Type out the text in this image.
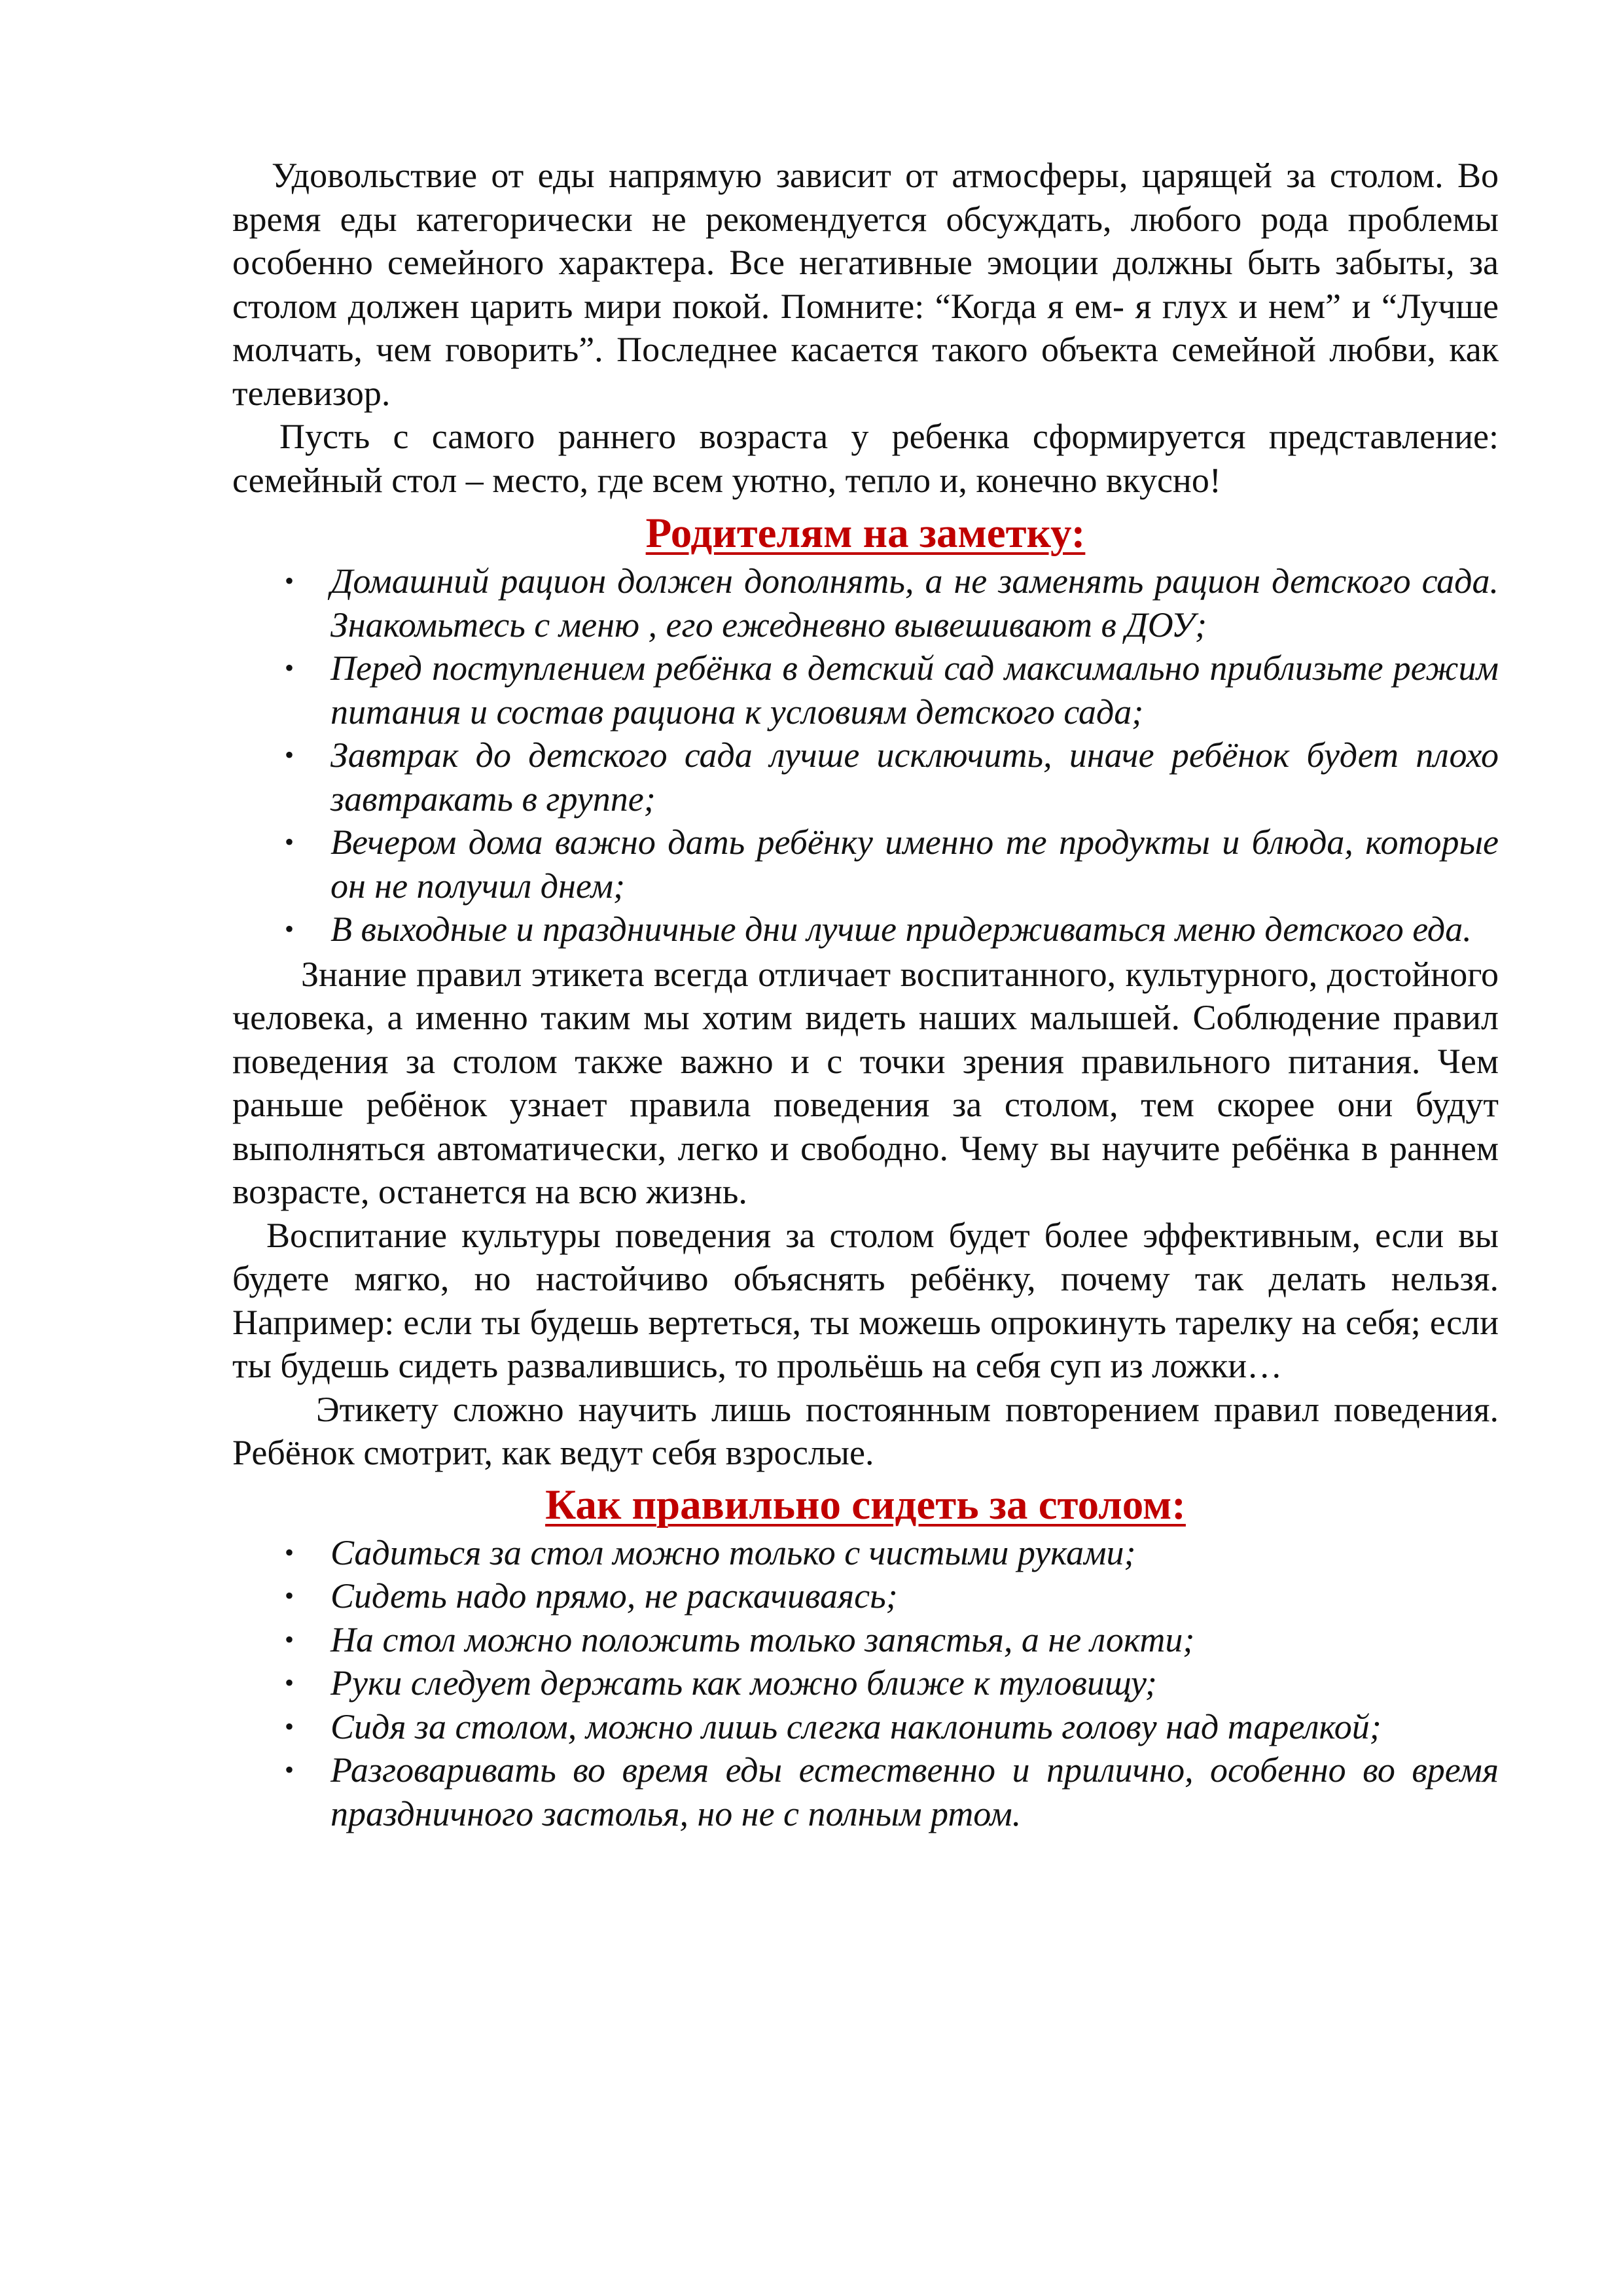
Удовольствие от еды напрямую зависит от атмосферы, царящей за столом. Во время еды категорически не рекомендуется обсуждать, любого рода проблемы особенно семейного характера. Все негативные эмоции должны быть забыты, за столом должен царить мири покой. Помните: “Когда я ем- я глух и нем” и “Лучше молчать, чем говорить”. Последнее касается такого объекта семейной любви, как телевизор.

Пусть с самого раннего возраста у ребенка сформируется представление: семейный стол – место, где всем уютно, тепло и, конечно вкусно!

Родителям на заметку:
• Домашний рацион должен дополнять, а не заменять рацион детского сада. Знакомьтесь с меню , его ежедневно вывешивают в ДОУ;
• Перед поступлением ребёнка в детский сад максимально приблизьте режим питания и состав рациона к условиям детского сада;
• Завтрак до детского сада лучше исключить, иначе ребёнок будет плохо завтракать в группе;
• Вечером дома важно дать ребёнку именно те продукты и блюда, которые он не получил днем;
• В выходные и праздничные дни лучше придерживаться меню детского еда.

Знание правил этикета всегда отличает воспитанного, культурного, достойного человека, а именно таким мы хотим видеть наших малышей. Соблюдение правил поведения за столом также важно и с точки зрения правильного питания. Чем раньше ребёнок узнает правила поведения за столом, тем скорее они будут выполняться автоматически, легко и свободно. Чему вы научите ребёнка в раннем возрасте, останется на всю жизнь.

Воспитание культуры поведения за столом будет более эффективным, если вы будете мягко, но настойчиво объяснять ребёнку, почему так делать нельзя. Например: если ты будешь вертеться, ты можешь опрокинуть тарелку на себя; если ты будешь сидеть развалившись, то прольёшь на себя суп из ложки…

Этикету сложно научить лишь постоянным повторением правил поведения. Ребёнок смотрит, как ведут себя взрослые.

Как правильно сидеть за столом:
• Садиться за стол можно только с чистыми руками;
• Сидеть надо прямо, не раскачиваясь;
• На стол можно положить только запястья, а не локти;
• Руки следует держать как можно ближе к туловищу;
• Сидя за столом, можно лишь слегка наклонить голову над тарелкой;
• Разговаривать во время еды естественно и прилично, особенно во время праздничного застолья, но не с полным ртом.
